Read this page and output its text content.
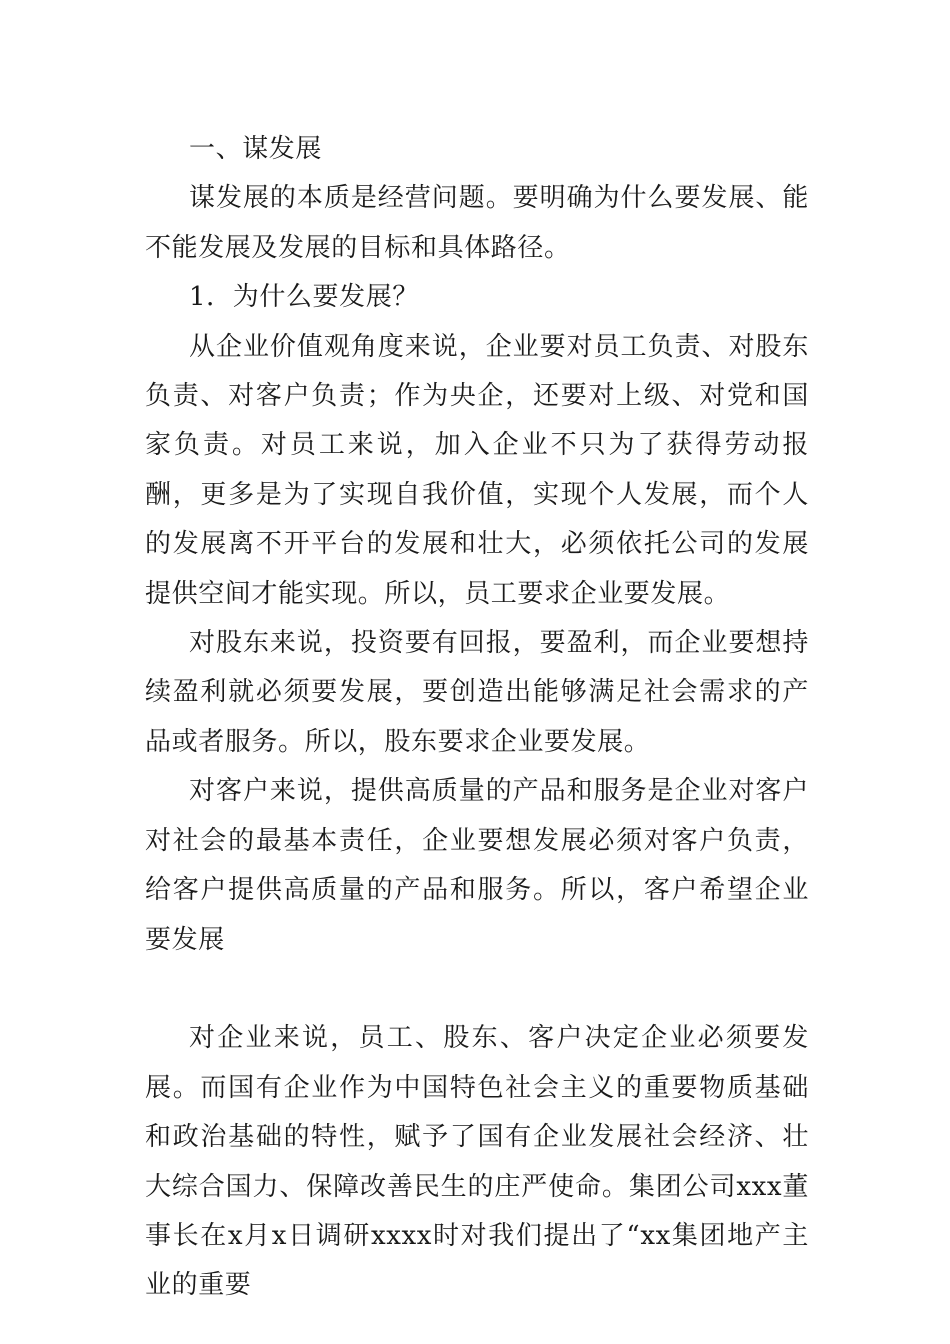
一、谋发展

谋发展的本质是经营问题。要明确为什么要发展、能不能发展及发展的目标和具体路径。

1．为什么要发展？

从企业价值观角度来说，企业要对员工负责、对股东负责、对客户负责；作为央企，还要对上级、对党和国家负责。对员工来说，加入企业不只为了获得劳动报酬，更多是为了实现自我价值，实现个人发展，而个人的发展离不开平台的发展和壮大，必须依托公司的发展提供空间才能实现。所以，员工要求企业要发展。

对股东来说，投资要有回报，要盈利，而企业要想持续盈利就必须要发展，要创造出能够满足社会需求的产品或者服务。所以，股东要求企业要发展。

对客户来说，提供高质量的产品和服务是企业对客户对社会的最基本责任，企业要想发展必须对客户负责，给客户提供高质量的产品和服务。所以，客户希望企业要发展

对企业来说，员工、股东、客户决定企业必须要发展。而国有企业作为中国特色社会主义的重要物质基础和政治基础的特性，赋予了国有企业发展社会经济、壮大综合国力、保障改善民生的庄严使命。集团公司xxx董事长在x月x日调研xxxx时对我们提出了“xx集团地产主业的重要
